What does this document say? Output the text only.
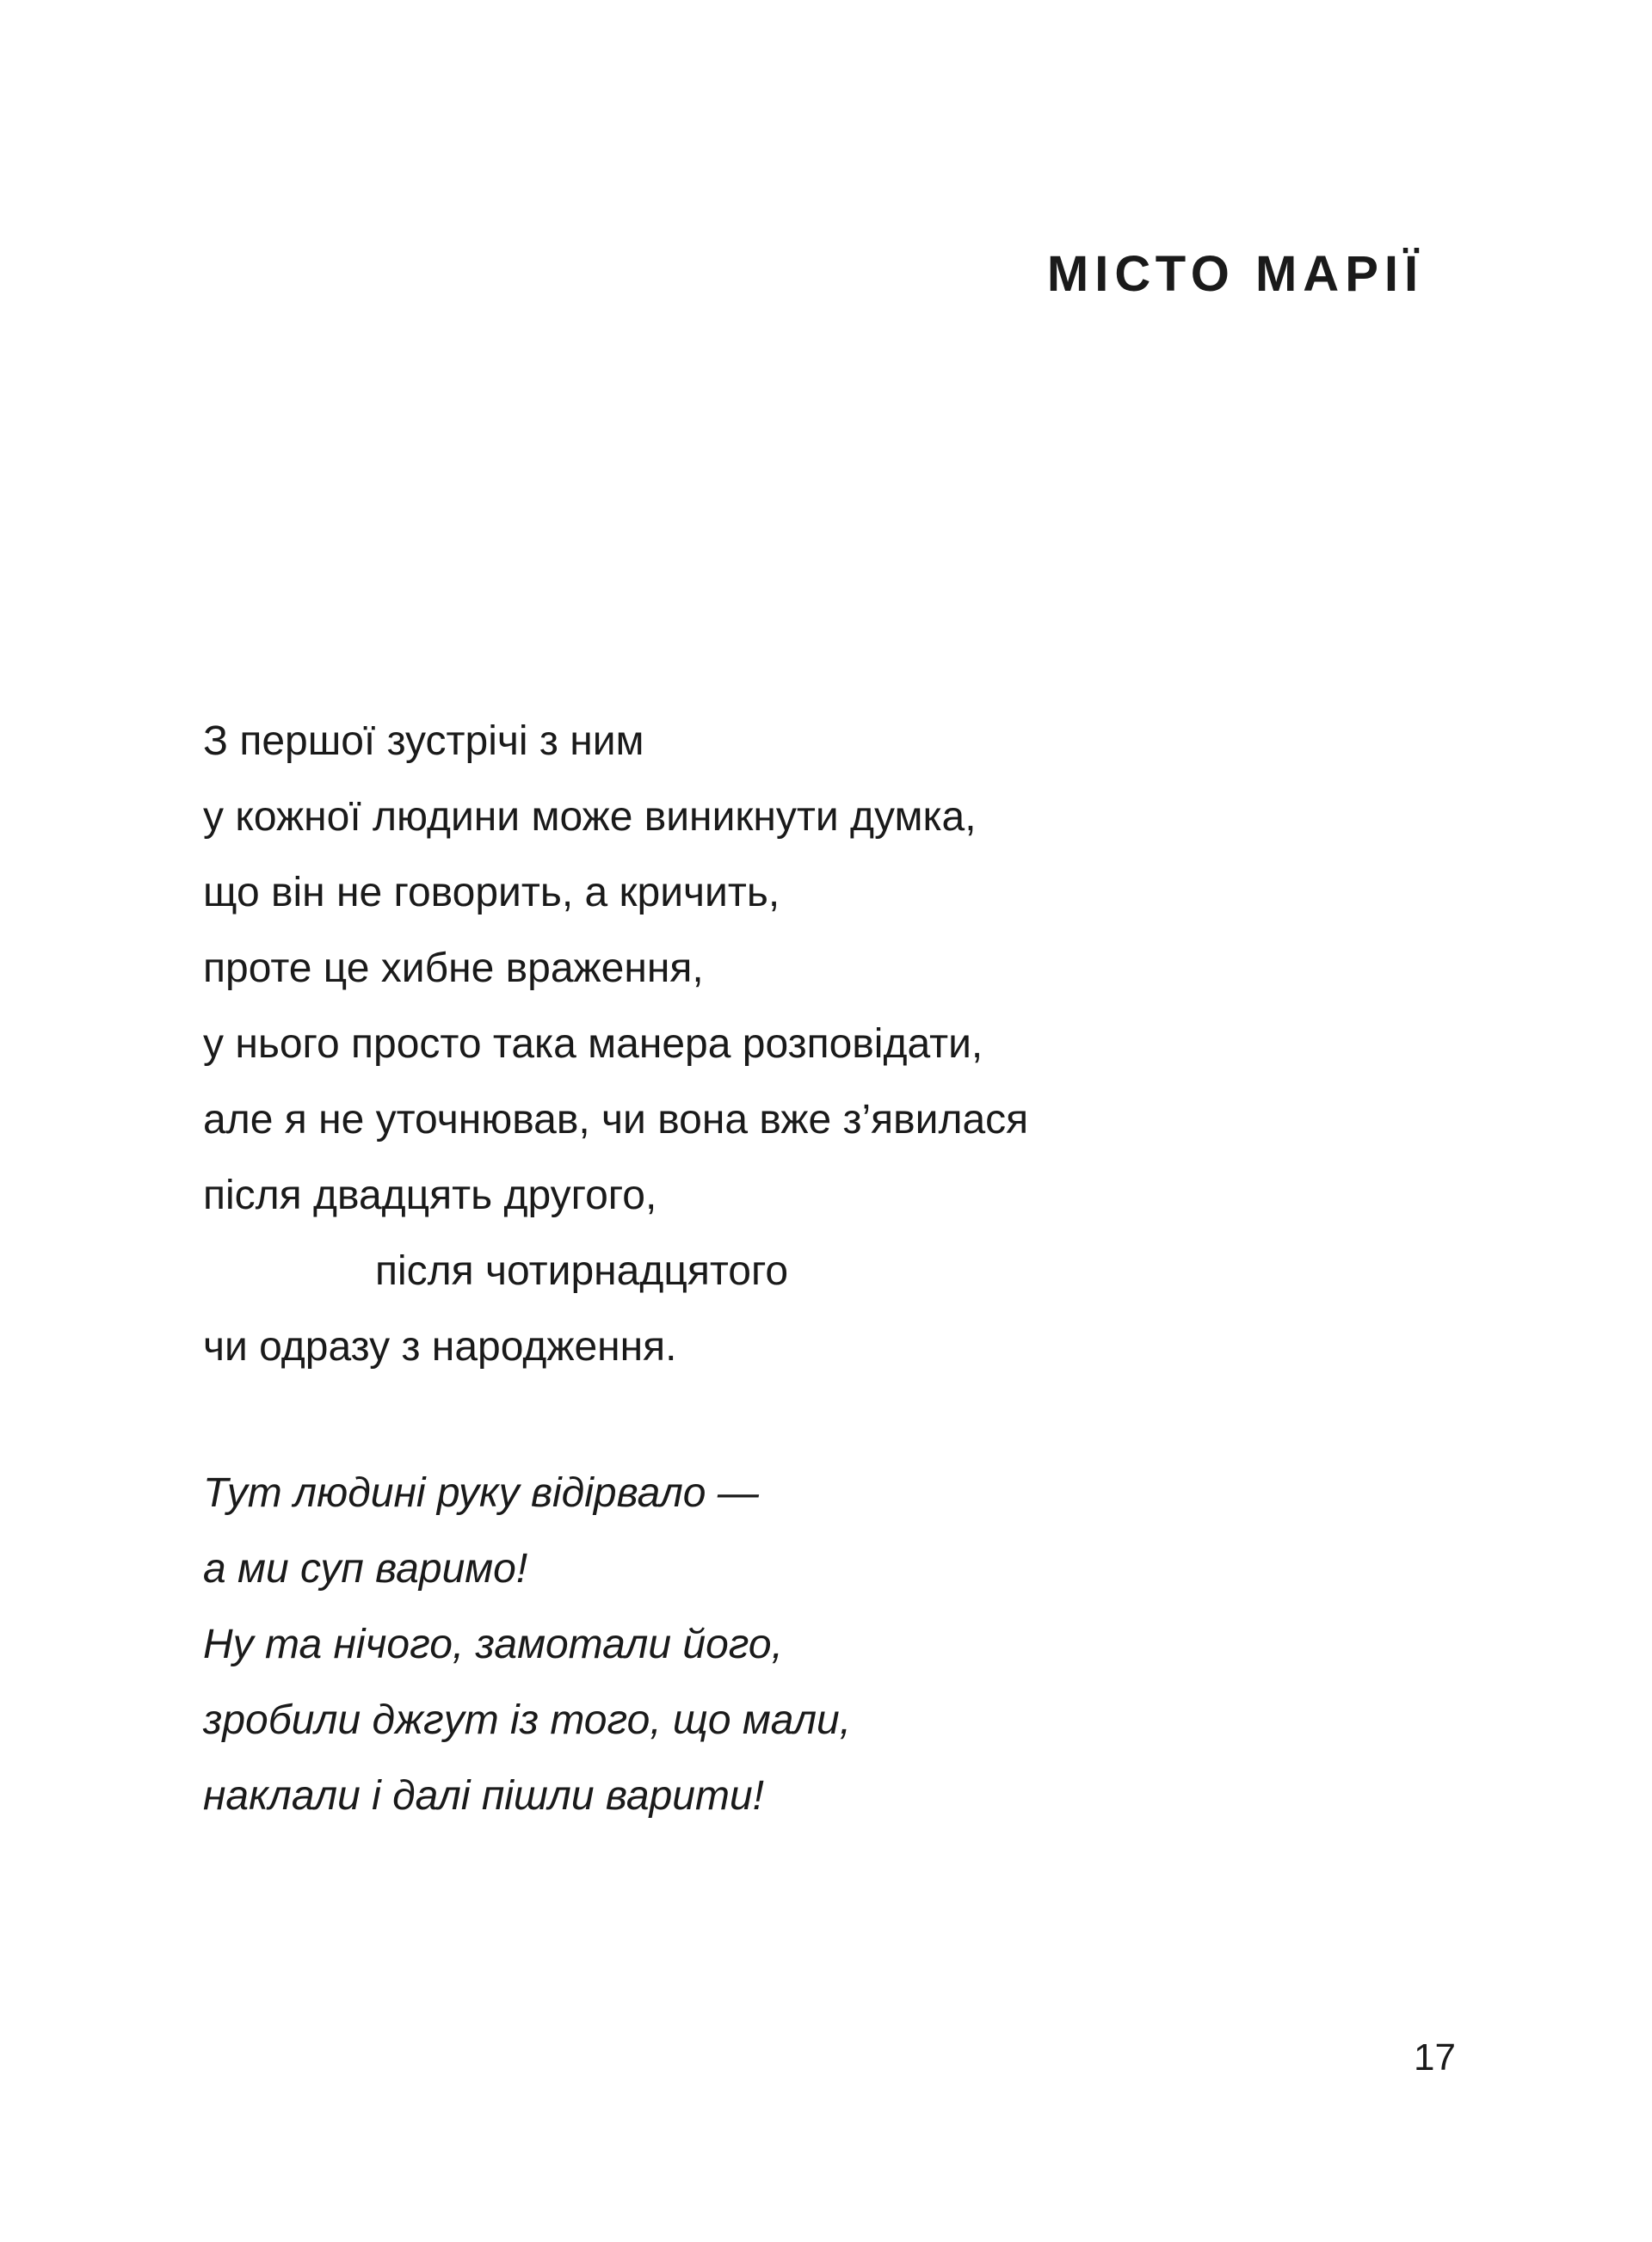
МІСТО МАРІЇ
З першої зустрічі з ним
у кожної людини може виникнути думка,
що він не говорить, а кричить,
проте це хибне враження,
у нього просто така манера розповідати,
але я не уточнював, чи вона вже з’явилася
після двадцять другого,
після чотирнадцятого
чи одразу з народження.
Тут людині руку відірвало —
а ми суп варимо!
Ну та нічого, замотали його,
зробили джгут із того, що мали,
наклали і далі пішли варити!
17
